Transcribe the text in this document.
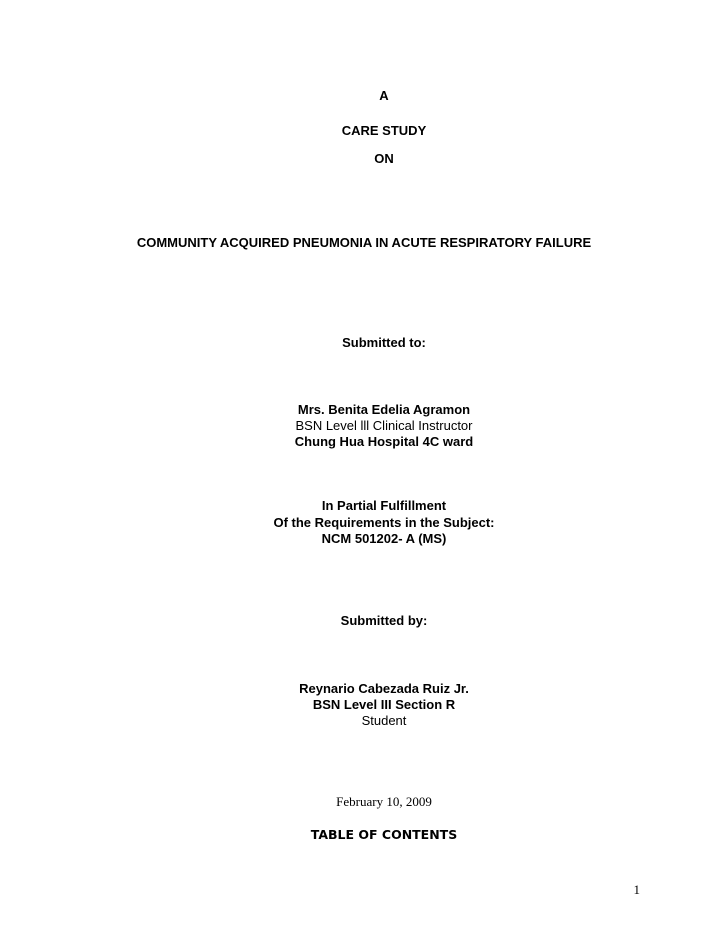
A
CARE STUDY
ON
COMMUNITY ACQUIRED PNEUMONIA IN ACUTE RESPIRATORY FAILURE
Submitted to:
Mrs. Benita Edelia Agramon
BSN Level lll Clinical Instructor
Chung Hua Hospital 4C ward
In Partial Fulfillment
Of the Requirements in the Subject:
NCM 501202- A (MS)
Submitted by:
Reynario Cabezada Ruiz Jr.
BSN Level III Section R
Student
February 10, 2009
TABLE OF CONTENTS
1
